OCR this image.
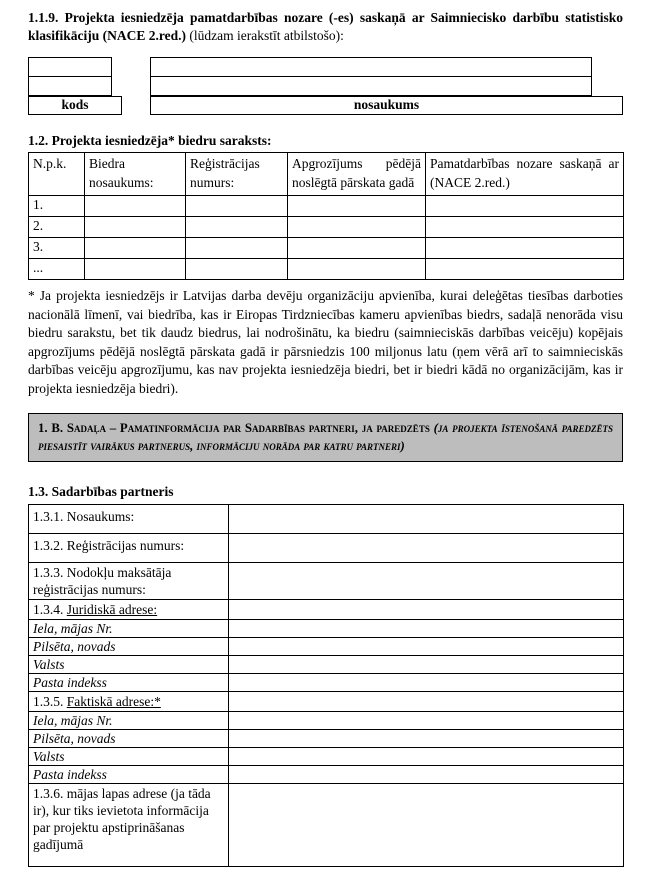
1.1.9. Projekta iesniedzēja pamatdarbības nozare (-es) saskaņā ar Saimniecisko darbību statistisko klasifikāciju (NACE 2.red.) (lūdzam ierakstīt atbilstošo):

kods	nosaukums

1.2. Projekta iesniedzēja* biedru saraksts:

N.p.k.	Biedra nosaukums:	Reģistrācijas numurs:	Apgrozījums pēdējā noslēgtā pārskata gadā	Pamatdarbības nozare saskaņā ar (NACE 2.red.)
1.				
2.				
3.				
...				

* Ja projekta iesniedzējs ir Latvijas darba devēju organizāciju apvienība, kurai deleģētas tiesības darboties nacionālā līmenī, vai biedrība, kas ir Eiropas Tirdzniecības kameru apvienības biedrs, sadaļā nenorāda visu biedru sarakstu, bet tik daudz biedrus, lai nodrošinātu, ka biedru (saimnieciskās darbības veicēju) kopējais apgrozījums pēdējā noslēgtā pārskata gadā ir pārsniedzis 100 miljonus latu (ņem vērā arī to saimnieciskās darbības veicēju apgrozījumu, kas nav projekta iesniedzēja biedri, bet ir biedri kādā no organizācijām, kas ir projekta iesniedzēja biedri).

1. B. Sadaļa – Pamatinformācija par Sadarbības partneri, ja paredzēts (ja projekta īstenošanā paredzēts piesaistīt vairākus partnerus, informāciju norāda par katru partneri)

1.3. Sadarbības partneris

1.3.1. Nosaukums:	
1.3.2. Reģistrācijas numurs:	
1.3.3. Nodokļu maksātāja reģistrācijas numurs:	
1.3.4. Juridiskā adrese:	
Iela, mājas Nr.	
Pilsēta, novads	
Valsts	
Pasta indekss	
1.3.5. Faktiskā adrese:*	
Iela, mājas Nr.	
Pilsēta, novads	
Valsts	
Pasta indekss	
1.3.6. mājas lapas adrese (ja tāda ir), kur tiks ievietota informācija par projektu apstiprināšanas gadījumā	
